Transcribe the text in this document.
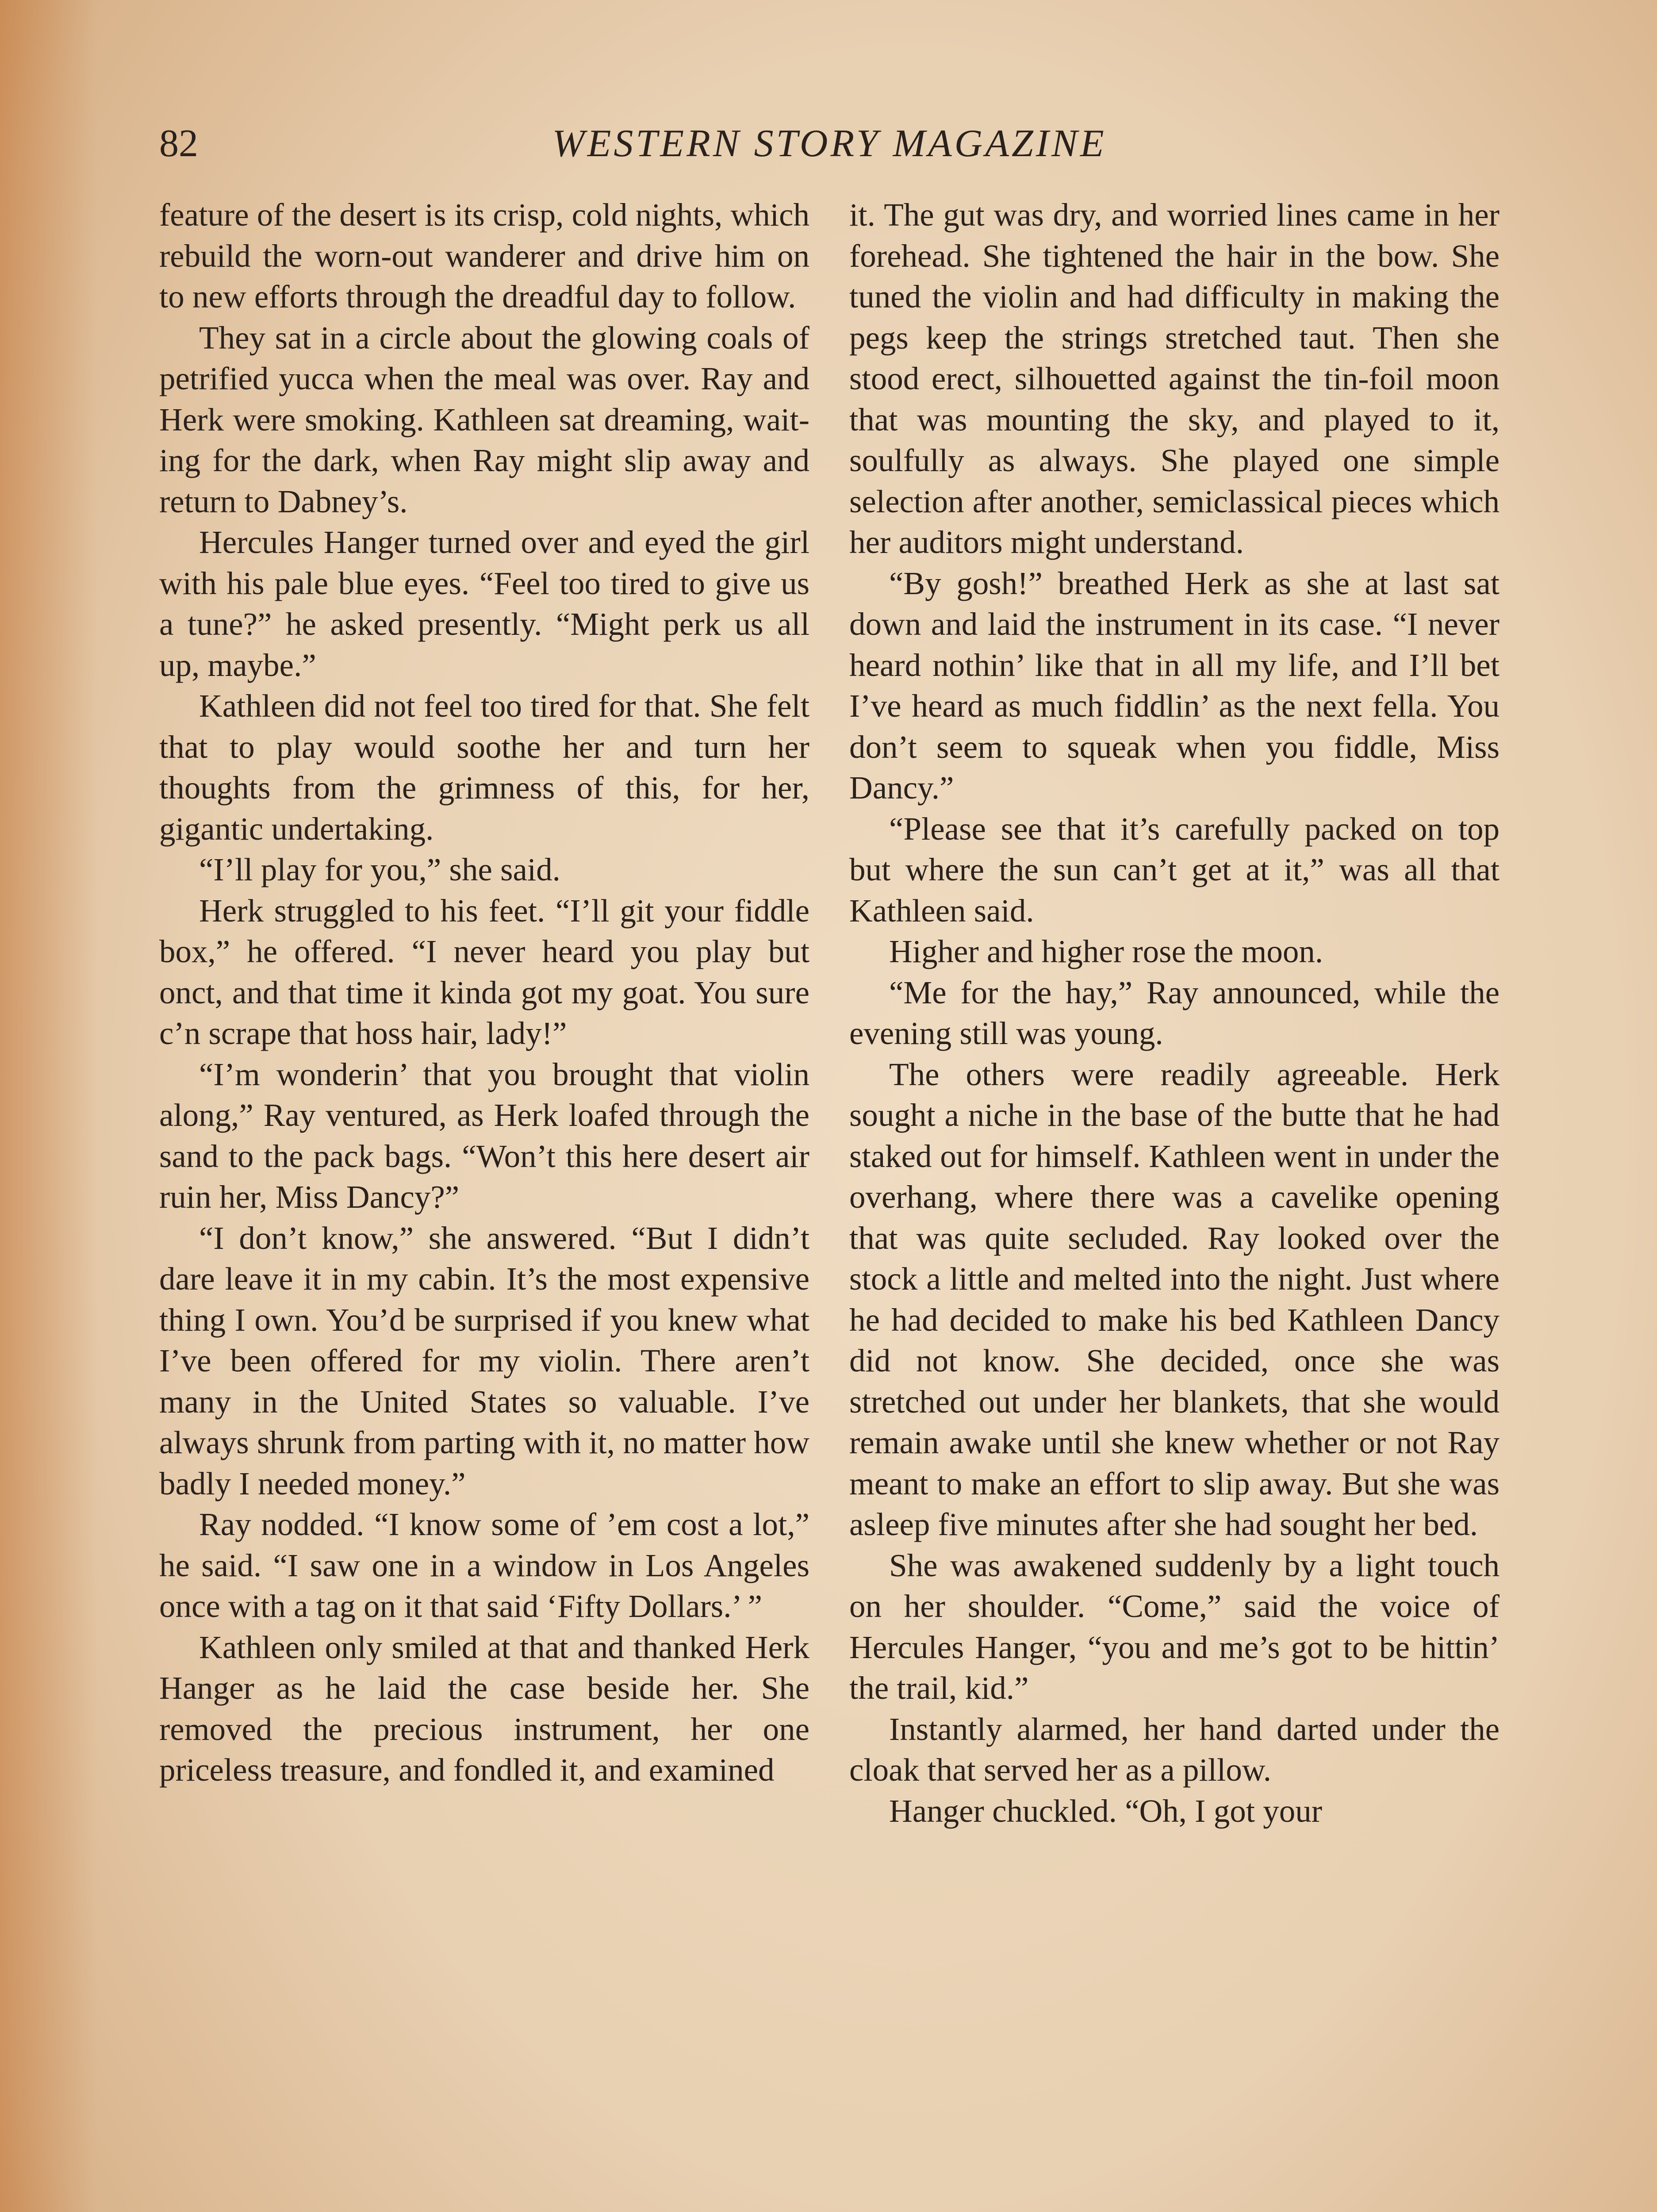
WESTERN STORY MAGAZINE
82

feature of the desert is its crisp, cold nights, which rebuild the worn-out wanderer and drive him on to new efforts through the dreadful day to follow.

They sat in a circle about the glowing coals of petrified yucca when the meal was over. Ray and Herk were smoking. Kathleen sat dreaming, waiting for the dark, when Ray might slip away and return to Dabney’s.

Hercules Hanger turned over and eyed the girl with his pale blue eyes. “Feel too tired to give us a tune?” he asked presently. “Might perk us all up, maybe.”

Kathleen did not feel too tired for that. She felt that to play would soothe her and turn her thoughts from the grimness of this, for her, gigantic undertaking.

“I’ll play for you,” she said.

Herk struggled to his feet. “I’ll git your fiddle box,” he offered. “I never heard you play but onct, and that time it kinda got my goat. You sure c’n scrape that hoss hair, lady!”

“I’m wonderin’ that you brought that violin along,” Ray ventured, as Herk loafed through the sand to the pack bags. “Won’t this here desert air ruin her, Miss Dancy?”

“I don’t know,” she answered. “But I didn’t dare leave it in my cabin. It’s the most expensive thing I own. You’d be surprised if you knew what I’ve been offered for my violin. There aren’t many in the United States so valuable. I’ve always shrunk from parting with it, no matter how badly I needed money.”

Ray nodded. “I know some of ’em cost a lot,” he said. “I saw one in a window in Los Angeles once with a tag on it that said ‘Fifty Dollars.’ ”

Kathleen only smiled at that and thanked Herk Hanger as he laid the case beside her. She removed the precious instrument, her one priceless treasure, and fondled it, and examined

it. The gut was dry, and worried lines came in her forehead. She tightened the hair in the bow. She tuned the violin and had difficulty in making the pegs keep the strings stretched taut. Then she stood erect, silhouetted against the tin-foil moon that was mounting the sky, and played to it, soulfully as always. She played one simple selection after another, semiclassical pieces which her auditors might understand.

“By gosh!” breathed Herk as she at last sat down and laid the instrument in its case. “I never heard nothin’ like that in all my life, and I’ll bet I’ve heard as much fiddlin’ as the next fella. You don’t seem to squeak when you fiddle, Miss Dancy.”

“Please see that it’s carefully packed on top but where the sun can’t get at it,” was all that Kathleen said.

Higher and higher rose the moon.

“Me for the hay,” Ray announced, while the evening still was young.

The others were readily agreeable. Herk sought a niche in the base of the butte that he had staked out for himself. Kathleen went in under the overhang, where there was a cavelike opening that was quite secluded. Ray looked over the stock a little and melted into the night. Just where he had decided to make his bed Kathleen Dancy did not know. She decided, once she was stretched out under her blankets, that she would remain awake until she knew whether or not Ray meant to make an effort to slip away. But she was asleep five minutes after she had sought her bed.

She was awakened suddenly by a light touch on her shoulder. “Come,” said the voice of Hercules Hanger, “you and me’s got to be hittin’ the trail, kid.”

Instantly alarmed, her hand darted under the cloak that served her as a pillow.

Hanger chuckled. “Oh, I got your
